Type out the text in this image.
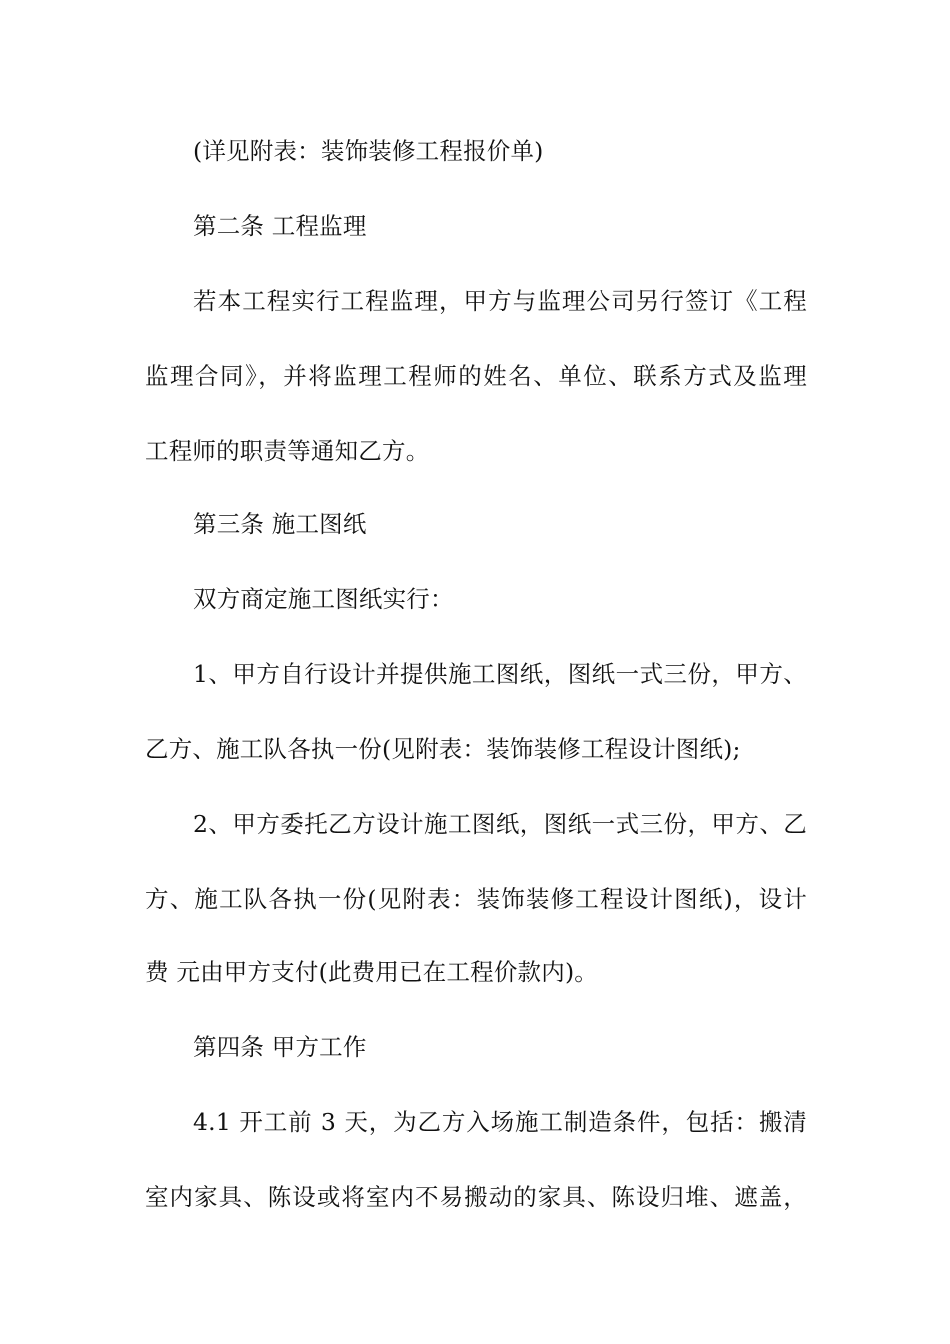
(详见附表：装饰装修工程报价单)
第二条 工程监理
若本工程实行工程监理，甲方与监理公司另行签订《工程
监理合同》，并将监理工程师的姓名、单位、联系方式及监理
工程师的职责等通知乙方。
第三条 施工图纸
双方商定施工图纸实行：
1、甲方自行设计并提供施工图纸，图纸一式三份，甲方、
乙方、施工队各执一份(见附表：装饰装修工程设计图纸);
2、甲方委托乙方设计施工图纸，图纸一式三份，甲方、乙
方、施工队各执一份(见附表：装饰装修工程设计图纸)，设计
费 元由甲方支付(此费用已在工程价款内)。
第四条 甲方工作
4.1 开工前 3 天，为乙方入场施工制造条件，包括：搬清
室内家具、陈设或将室内不易搬动的家具、陈设归堆、遮盖，
